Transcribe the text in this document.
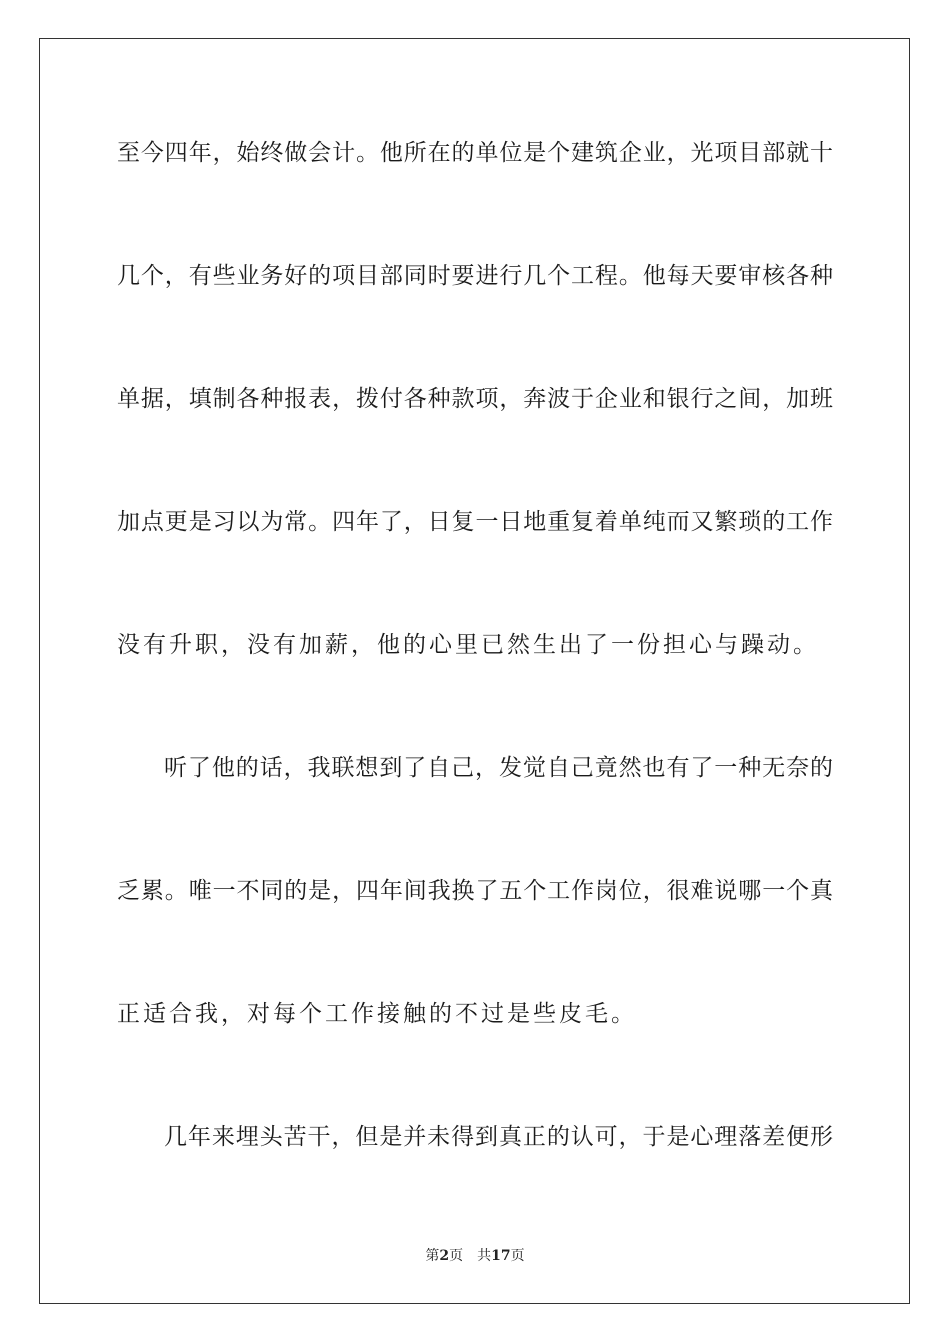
至今四年，始终做会计。他所在的单位是个建筑企业，光项目部就十
几个，有些业务好的项目部同时要进行几个工程。他每天要审核各种
单据，填制各种报表，拨付各种款项，奔波于企业和银行之间，加班
加点更是习以为常。四年了，日复一日地重复着单纯而又繁琐的工作
没有升职，没有加薪，他的心里已然生出了一份担心与躁动。
听了他的话，我联想到了自己，发觉自己竟然也有了一种无奈的
乏累。唯一不同的是，四年间我换了五个工作岗位，很难说哪一个真
正适合我，对每个工作接触的不过是些皮毛。
几年来埋头苦干，但是并未得到真正的认可，于是心理落差便形
第2页 共17页
